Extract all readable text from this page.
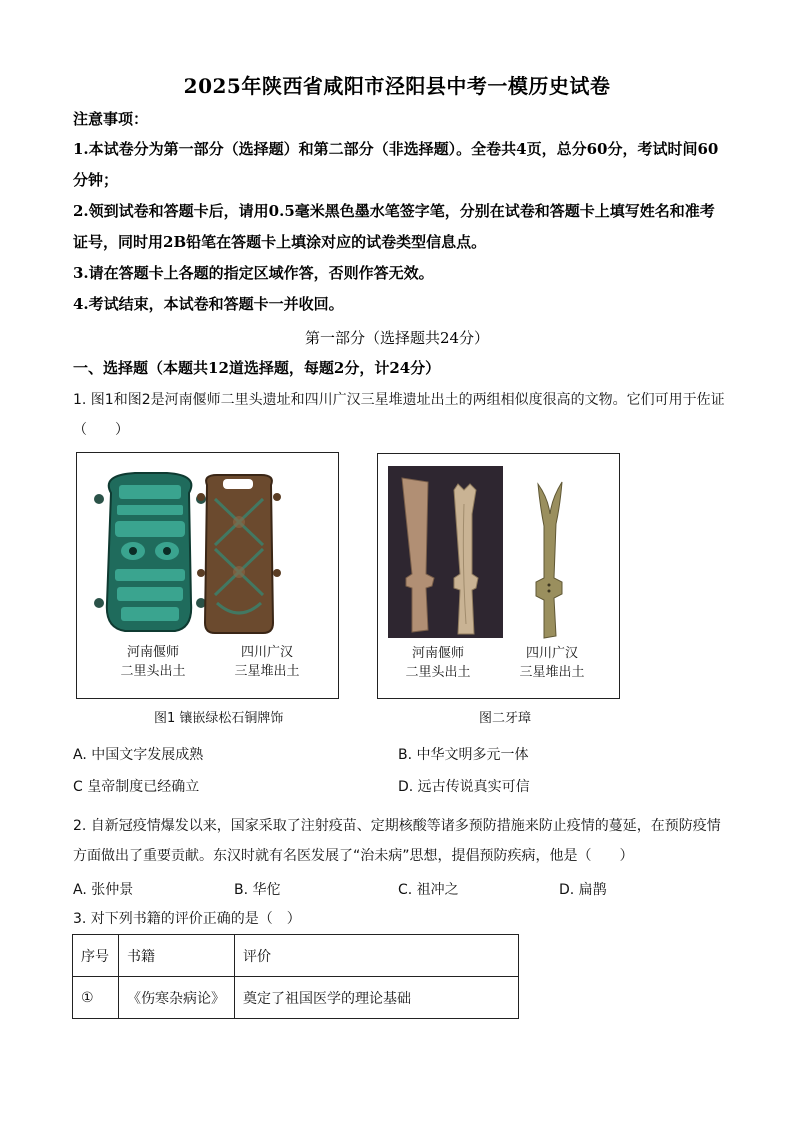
2025年陕西省咸阳市泾阳县中考一模历史试卷
注意事项：
1.本试卷分为第一部分（选择题）和第二部分（非选择题）。全卷共4页，总分60分，考试时间60分钟；
2.领到试卷和答题卡后，请用0.5毫米黑色墨水笔签字笔，分别在试卷和答题卡上填写姓名和准考证号，同时用2B铅笔在答题卡上填涂对应的试卷类型信息点。
3.请在答题卡上各题的指定区域作答，否则作答无效。
4.考试结束，本试卷和答题卡一并收回。
第一部分（选择题共24分）
一、选择题（本题共12道选择题，每题2分，计24分）
1. 图1和图2是河南偃师二里头遗址和四川广汉三星堆遗址出土的两组相似度很高的文物。它们可用于佐证（　　）
河南偃师
二里头出土
四川广汉
三星堆出土
图1 镶嵌绿松石铜牌饰
河南偃师
二里头出土
四川广汉
三星堆出土
图二牙璋
A. 中国文字发展成熟	B. 中华文明多元一体
C 皇帝制度已经确立	D. 远古传说真实可信
2. 自新冠疫情爆发以来，国家采取了注射疫苗、定期核酸等诸多预防措施来防止疫情的蔓延，在预防疫情方面做出了重要贡献。东汉时就有名医发展了“治未病”思想，提倡预防疾病，他是（　　）
A. 张仲景	B. 华佗	C. 祖冲之	D. 扁鹊
3. 对下列书籍的评价正确的是（　）
序号	书籍	评价
①	《伤寒杂病论》	奠定了祖国医学的理论基础
